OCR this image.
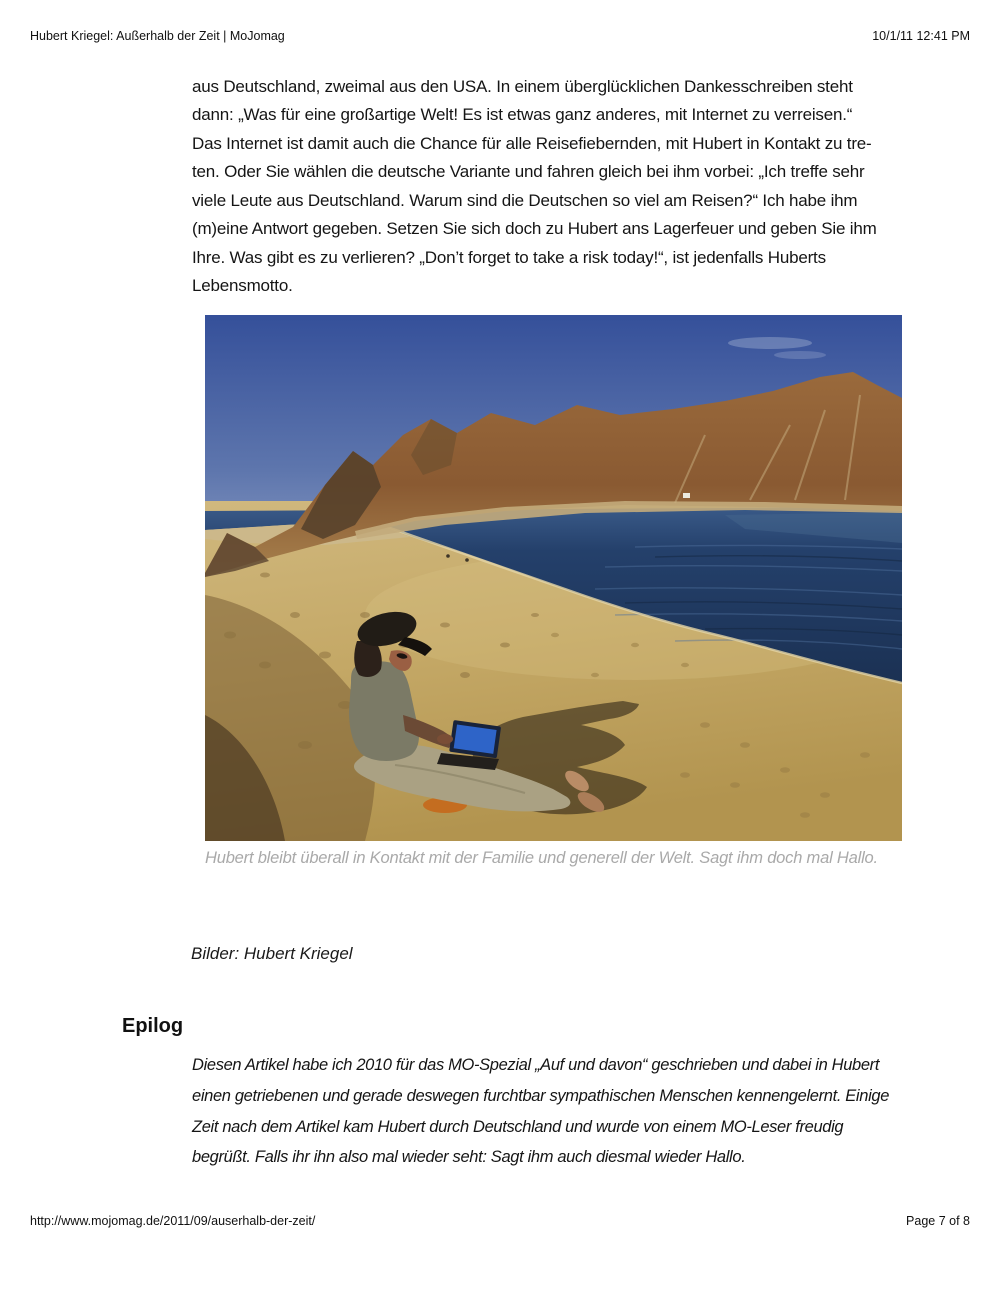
Hubert Kriegel: Außerhalb der Zeit | MoJomag	10/1/11 12:41 PM
aus Deutschland, zweimal aus den USA. In einem überglücklichen Dankesschreiben steht
dann: „Was für eine großartige Welt! Es ist etwas ganz anderes, mit Internet zu verreisen.“
Das Internet ist damit auch die Chance für alle Reisefiebernden, mit Hubert in Kontakt zu tre-
ten. Oder Sie wählen die deutsche Variante und fahren gleich bei ihm vorbei: „Ich treffe sehr
viele Leute aus Deutschland. Warum sind die Deutschen so viel am Reisen?“ Ich habe ihm
(m)eine Antwort gegeben. Setzen Sie sich doch zu Hubert ans Lagerfeuer und geben Sie ihm
Ihre. Was gibt es zu verlieren? „Don’t forget to take a risk today!“, ist jedenfalls Huberts
Lebensmotto.
Hubert bleibt überall in Kontakt mit der Familie und generell der Welt. Sagt ihm doch mal Hallo.
Bilder: Hubert Kriegel
Epilog
Diesen Artikel habe ich 2010 für das MO-Spezial „Auf und davon“ geschrieben und dabei in Hubert
einen getriebenen und gerade deswegen furchtbar sympathischen Menschen kennengelernt. Einige
Zeit nach dem Artikel kam Hubert durch Deutschland und wurde von einem MO-Leser freudig
begrüßt. Falls ihr ihn also mal wieder seht: Sagt ihm auch diesmal wieder Hallo.
http://www.mojomag.de/2011/09/auserhalb-der-zeit/	Page 7 of 8
